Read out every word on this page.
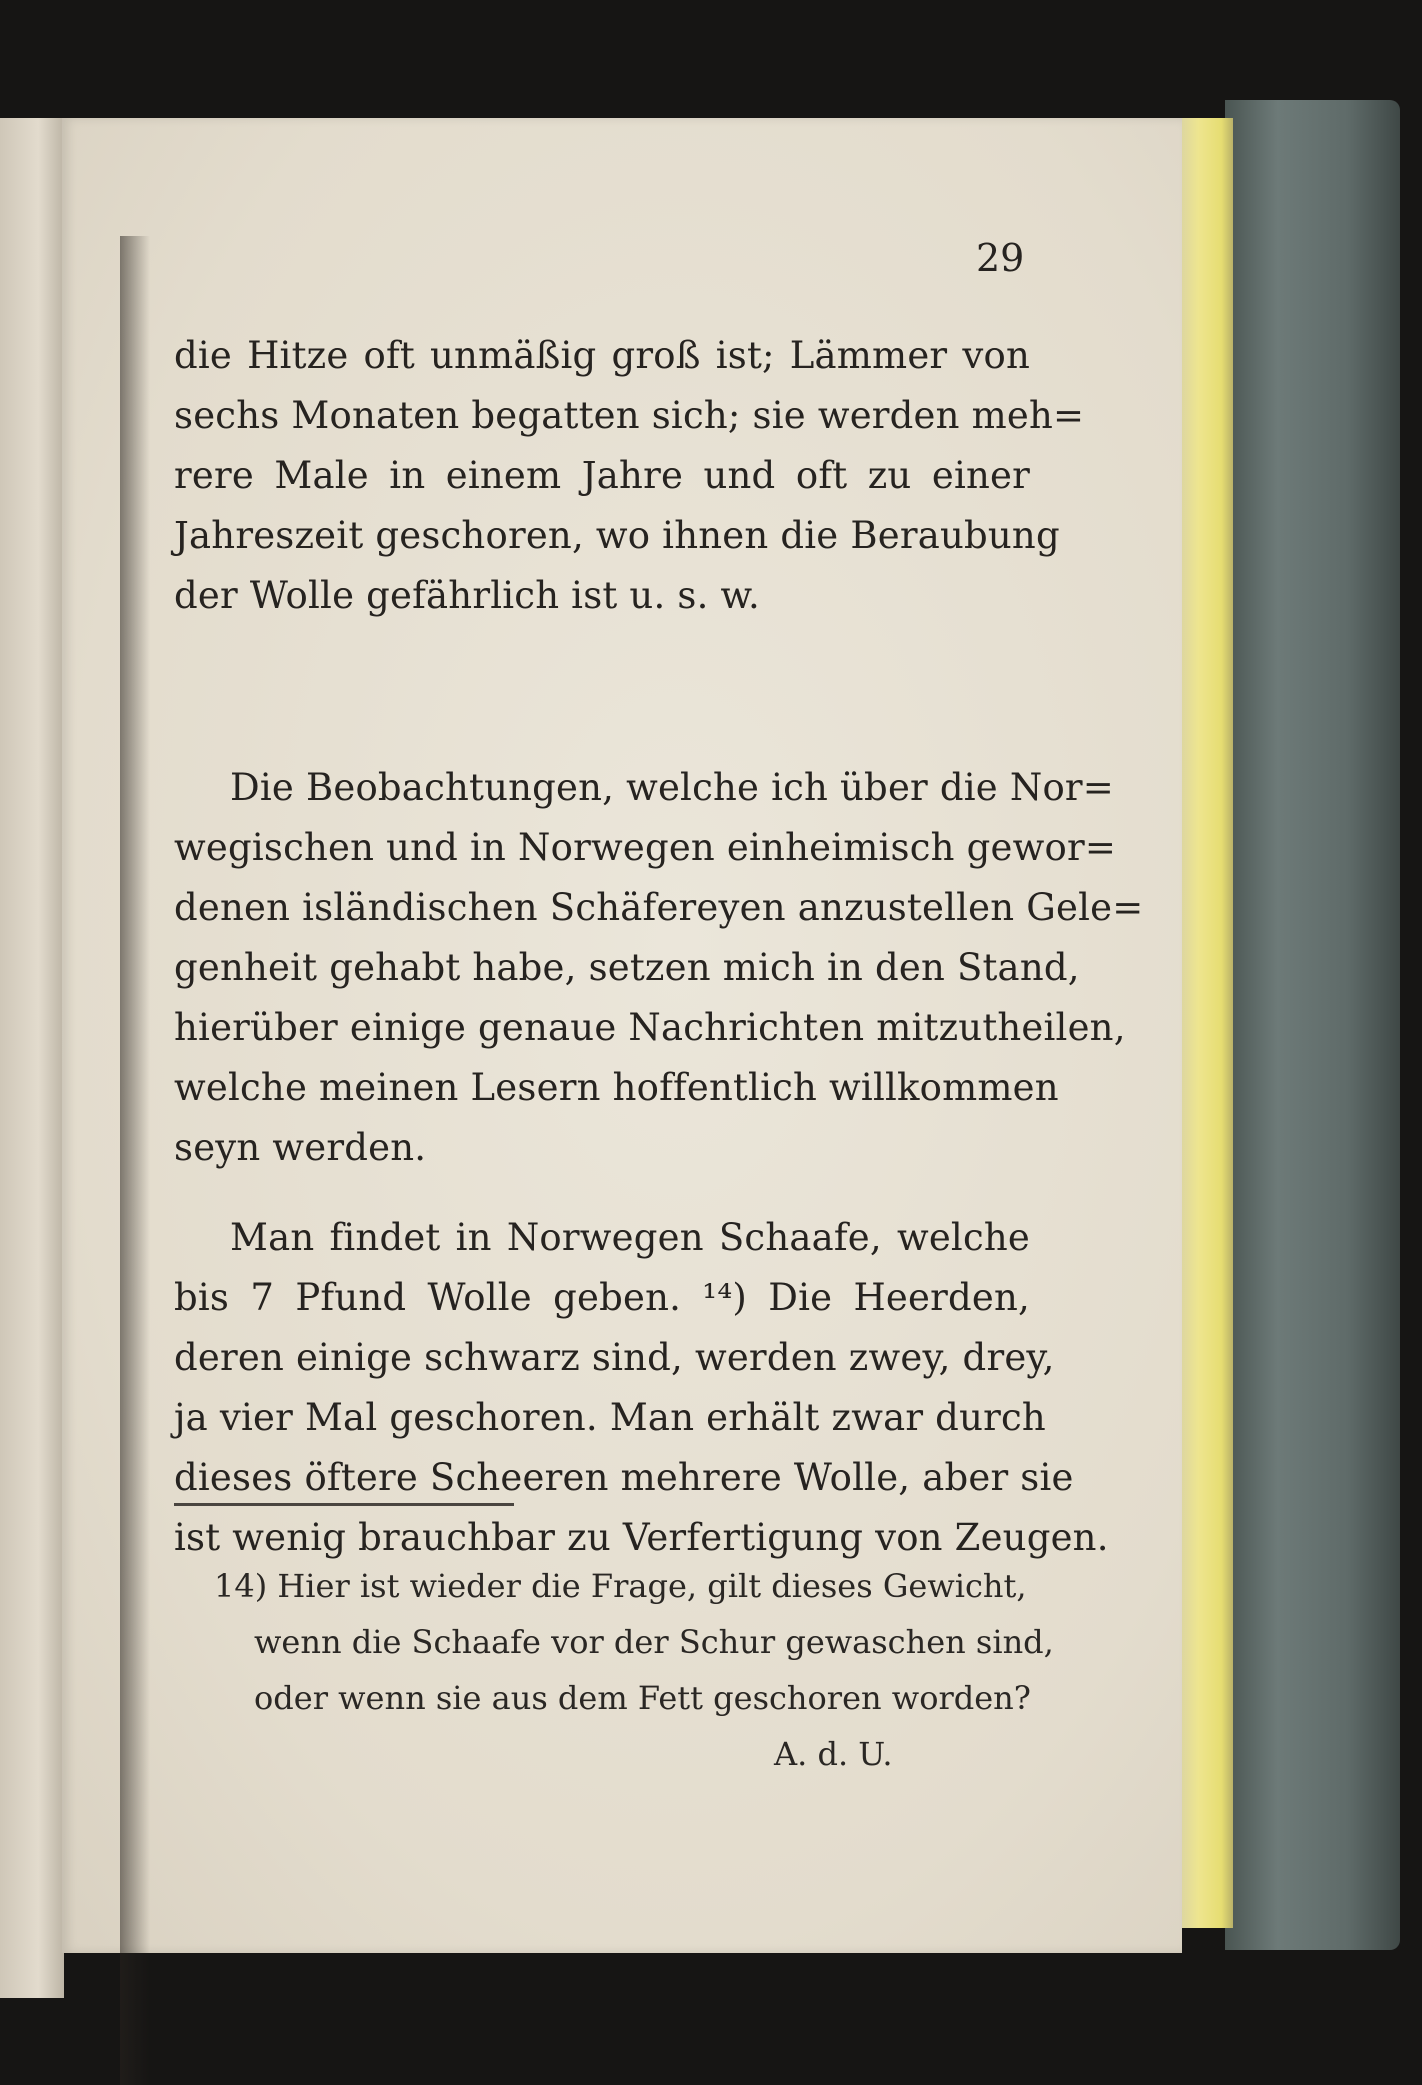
29
die Hitze oft unmäßig groß ist; Lämmer von
sechs Monaten begatten sich; sie werden meh=
rere Male in einem Jahre und oft zu einer
Jahreszeit geschoren, wo ihnen die Beraubung
der Wolle gefährlich ist u. s. w.
Die Beobachtungen, welche ich über die Nor=
wegischen und in Norwegen einheimisch gewor=
denen isländischen Schäfereyen anzustellen Gele=
genheit gehabt habe, setzen mich in den Stand,
hierüber einige genaue Nachrichten mitzutheilen,
welche meinen Lesern hoffentlich willkommen
seyn werden.
Man findet in Norwegen Schaafe, welche
bis 7 Pfund Wolle geben. ¹⁴) Die Heerden,
deren einige schwarz sind, werden zwey, drey,
ja vier Mal geschoren. Man erhält zwar durch
dieses öftere Scheeren mehrere Wolle, aber sie
ist wenig brauchbar zu Verfertigung von Zeugen.
14) Hier ist wieder die Frage, gilt dieses Gewicht,
wenn die Schaafe vor der Schur gewaschen sind,
oder wenn sie aus dem Fett geschoren worden?
A. d. U.
